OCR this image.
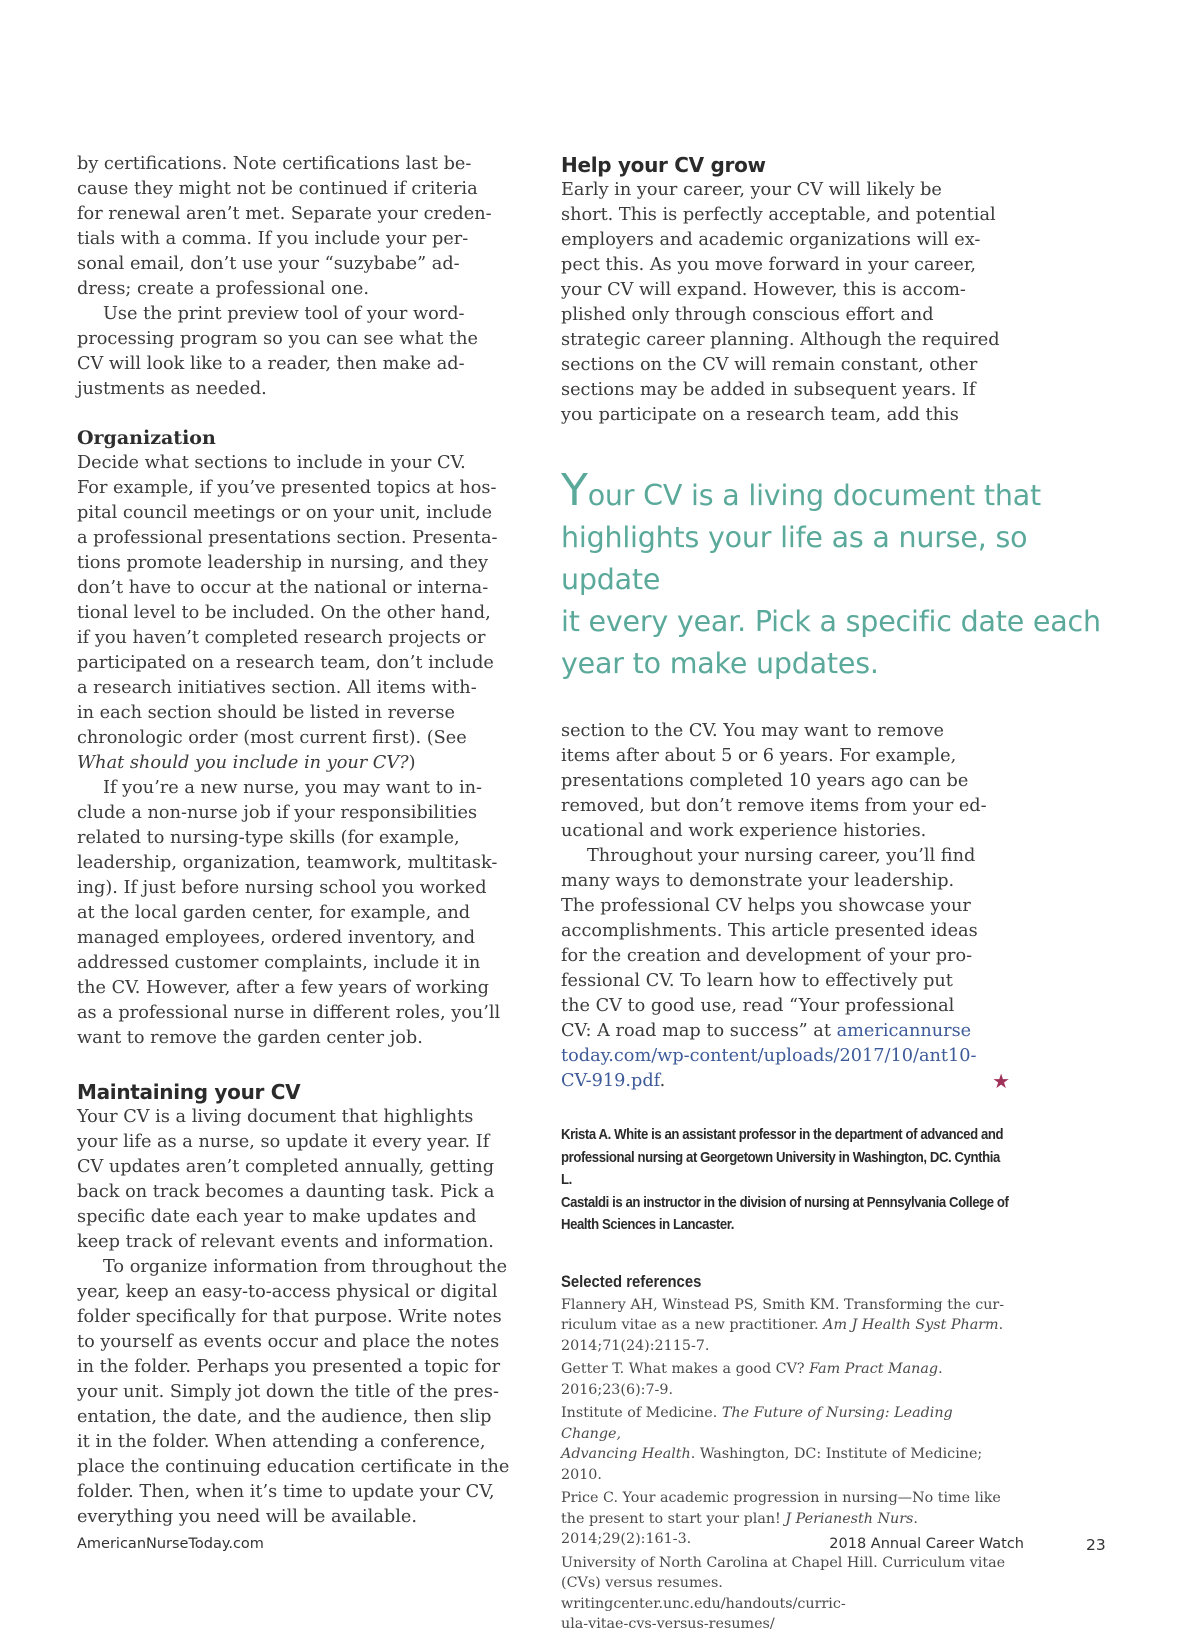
by certifications. Note certifications last be-
cause they might not be continued if criteria
for renewal aren’t met. Separate your creden-
tials with a comma. If you include your per-
sonal email, don’t use your “suzybabe” ad-
dress; create a professional one.

Use the print preview tool of your word-
processing program so you can see what the
CV will look like to a reader, then make ad-
justments as needed.

Organization

Decide what sections to include in your CV.
For example, if you’ve presented topics at hos-
pital council meetings or on your unit, include
a professional presentations section. Presenta-
tions promote leadership in nursing, and they
don’t have to occur at the national or interna-
tional level to be included. On the other hand,
if you haven’t completed research projects or
participated on a research team, don’t include
a research initiatives section. All items with-
in each section should be listed in reverse
chronologic order (most current first). (See
What should you include in your CV?)

If you’re a new nurse, you may want to in-
clude a non-nurse job if your responsibilities
related to nursing-type skills (for example,
leadership, organization, teamwork, multitask-
ing). If just before nursing school you worked
at the local garden center, for example, and
managed employees, ordered inventory, and
addressed customer complaints, include it in
the CV. However, after a few years of working
as a professional nurse in different roles, you’ll
want to remove the garden center job.

Maintaining your CV

Your CV is a living document that highlights
your life as a nurse, so update it every year. If
CV updates aren’t completed annually, getting
back on track becomes a daunting task. Pick a
specific date each year to make updates and
keep track of relevant events and information.

To organize information from throughout the
year, keep an easy-to-access physical or digital
folder specifically for that purpose. Write notes
to yourself as events occur and place the notes
in the folder. Perhaps you presented a topic for
your unit. Simply jot down the title of the pres-
entation, the date, and the audience, then slip
it in the folder. When attending a conference,
place the continuing education certificate in the
folder. Then, when it’s time to update your CV,
everything you need will be available.

Help your CV grow

Early in your career, your CV will likely be
short. This is perfectly acceptable, and potential
employers and academic organizations will ex-
pect this. As you move forward in your career,
your CV will expand. However, this is accom-
plished only through conscious effort and
strategic career planning. Although the required
sections on the CV will remain constant, other
sections may be added in subsequent years. If
you participate on a research team, add this

Your CV is a living document that
highlights your life as a nurse, so update
it every year. Pick a specific date each
year to make updates.

section to the CV. You may want to remove
items after about 5 or 6 years. For example,
presentations completed 10 years ago can be
removed, but don’t remove items from your ed-
ucational and work experience histories.

Throughout your nursing career, you’ll find
many ways to demonstrate your leadership.
The professional CV helps you showcase your
accomplishments. This article presented ideas
for the creation and development of your pro-
fessional CV. To learn how to effectively put
the CV to good use, read “Your professional
CV: A road map to success” at americannurse
today.com/wp-content/uploads/2017/10/ant10-
CV-919.pdf.	★

Krista A. White is an assistant professor in the department of advanced and
professional nursing at Georgetown University in Washington, DC. Cynthia L.
Castaldi is an instructor in the division of nursing at Pennsylvania College of
Health Sciences in Lancaster.

Selected references

Flannery AH, Winstead PS, Smith KM. Transforming the cur-
riculum vitae as a new practitioner. Am J Health Syst Pharm.
2014;71(24):2115-7.

Getter T. What makes a good CV? Fam Pract Manag.
2016;23(6):7-9.

Institute of Medicine. The Future of Nursing: Leading Change,
Advancing Health. Washington, DC: Institute of Medicine;
2010.

Price C. Your academic progression in nursing—No time like
the present to start your plan! J Perianesth Nurs.
2014;29(2):161-3.

University of North Carolina at Chapel Hill. Curriculum vitae
(CVs) versus resumes. writingcenter.unc.edu/handouts/curric-
ula-vitae-cvs-versus-resumes/

AmericanNurseToday.com	2018 Annual Career Watch	23
